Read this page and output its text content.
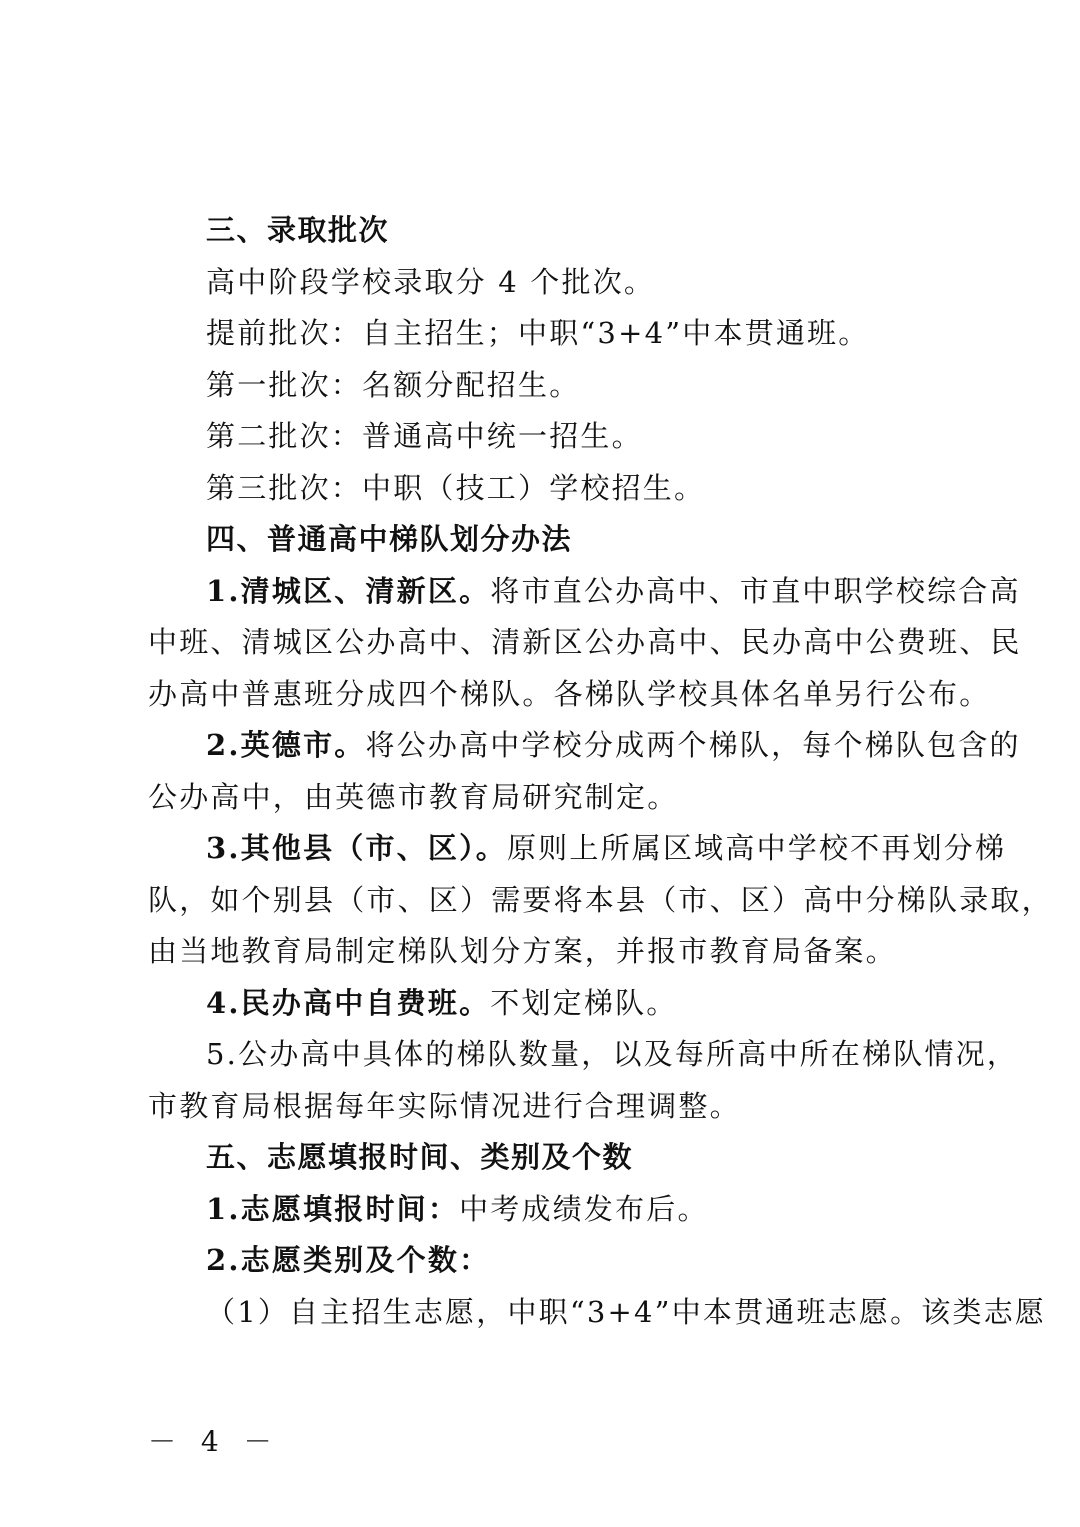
三、录取批次

高中阶段学校录取分 4 个批次。

提前批次：自主招生；中职“3+4”中本贯通班。

第一批次：名额分配招生。

第二批次：普通高中统一招生。

第三批次：中职（技工）学校招生。

四、普通高中梯队划分办法

1.清城区、清新区。将市直公办高中、市直中职学校综合高

中班、清城区公办高中、清新区公办高中、民办高中公费班、民

办高中普惠班分成四个梯队。各梯队学校具体名单另行公布。

2.英德市。将公办高中学校分成两个梯队，每个梯队包含的

公办高中，由英德市教育局研究制定。

3.其他县（市、区）。原则上所属区域高中学校不再划分梯

队，如个别县（市、区）需要将本县（市、区）高中分梯队录取，

由当地教育局制定梯队划分方案，并报市教育局备案。

4.民办高中自费班。不划定梯队。

5.公办高中具体的梯队数量，以及每所高中所在梯队情况，

市教育局根据每年实际情况进行合理调整。

五、志愿填报时间、类别及个数

1.志愿填报时间：中考成绩发布后。

2.志愿类别及个数：

（1）自主招生志愿，中职“3+4”中本贯通班志愿。该类志愿

－ 4 －
